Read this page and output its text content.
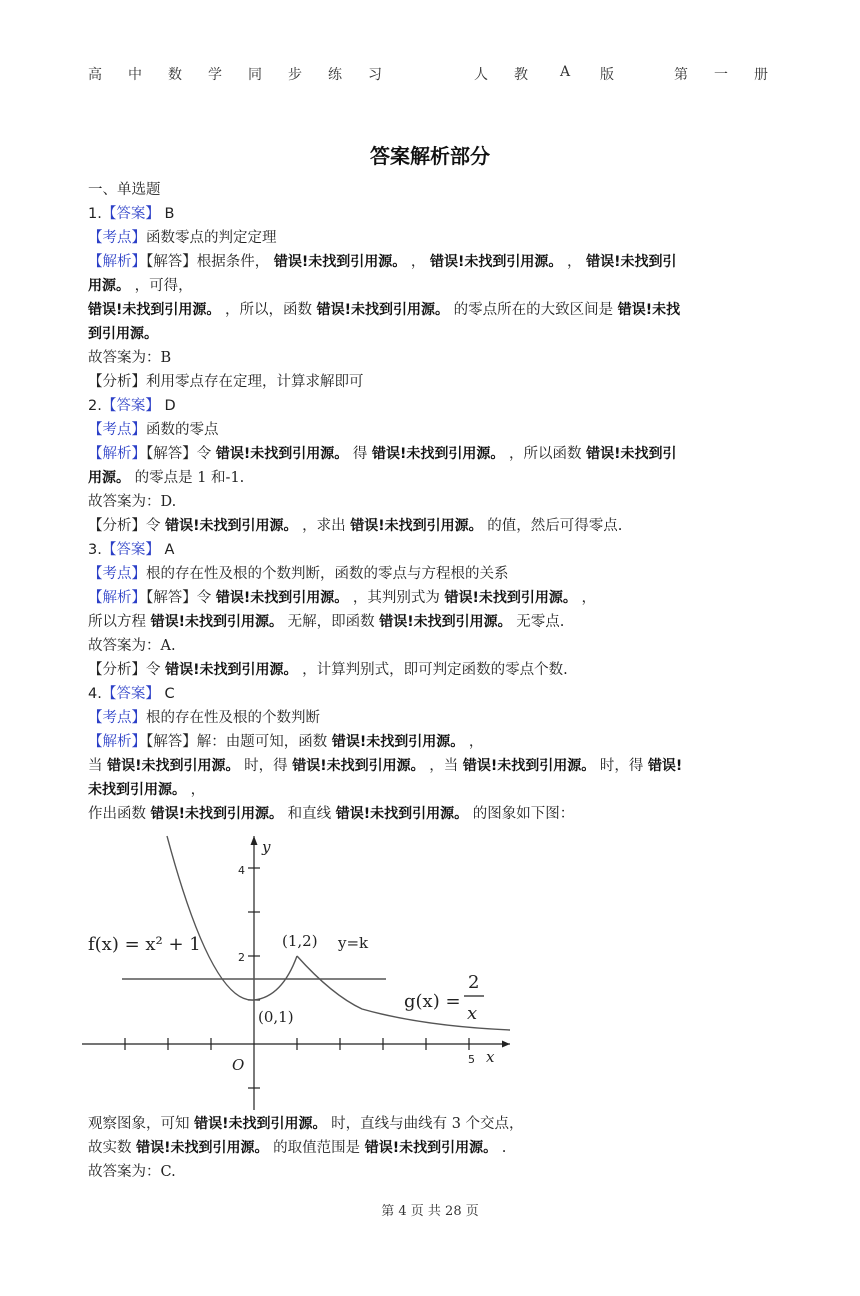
高 中 数 学 同 步 练 习	人 教 A 版	第 一 册
答案解析部分
一、单选题
1.【答案】 B
【考点】函数零点的判定定理
【解析】【解答】根据条件， 错误!未找到引用源。 ， 错误!未找到引用源。 ， 错误!未找到引
用源。 ，可得，
错误!未找到引用源。 ，所以，函数 错误!未找到引用源。 的零点所在的大致区间是 错误!未找
到引用源。
故答案为：B
【分析】利用零点存在定理，计算求解即可
2.【答案】 D
【考点】函数的零点
【解析】【解答】令 错误!未找到引用源。 得 错误!未找到引用源。 ，所以函数 错误!未找到引
用源。 的零点是 1 和-1.
故答案为：D.
【分析】令 错误!未找到引用源。 ，求出 错误!未找到引用源。 的值，然后可得零点.
3.【答案】 A
【考点】根的存在性及根的个数判断，函数的零点与方程根的关系
【解析】【解答】令 错误!未找到引用源。 ，其判别式为 错误!未找到引用源。 ，
所以方程 错误!未找到引用源。 无解，即函数 错误!未找到引用源。 无零点.
故答案为：A.
【分析】令 错误!未找到引用源。 ，计算判别式，即可判定函数的零点个数.
4.【答案】 C
【考点】根的存在性及根的个数判断
【解析】【解答】解：由题可知，函数 错误!未找到引用源。 ，
当 错误!未找到引用源。 时，得 错误!未找到引用源。 ，当 错误!未找到引用源。 时，得 错误!
未找到引用源。 ，
作出函数 错误!未找到引用源。 和直线 错误!未找到引用源。 的图象如下图：
y
x
O
4
2
5
f(x) = x² + 1	y=k
(1,2)
(0,1)
g(x) =
2
x
观察图象，可知 错误!未找到引用源。 时，直线与曲线有 3 个交点，
故实数 错误!未找到引用源。 的取值范围是 错误!未找到引用源。 .
故答案为：C.
第 4 页 共 28 页
